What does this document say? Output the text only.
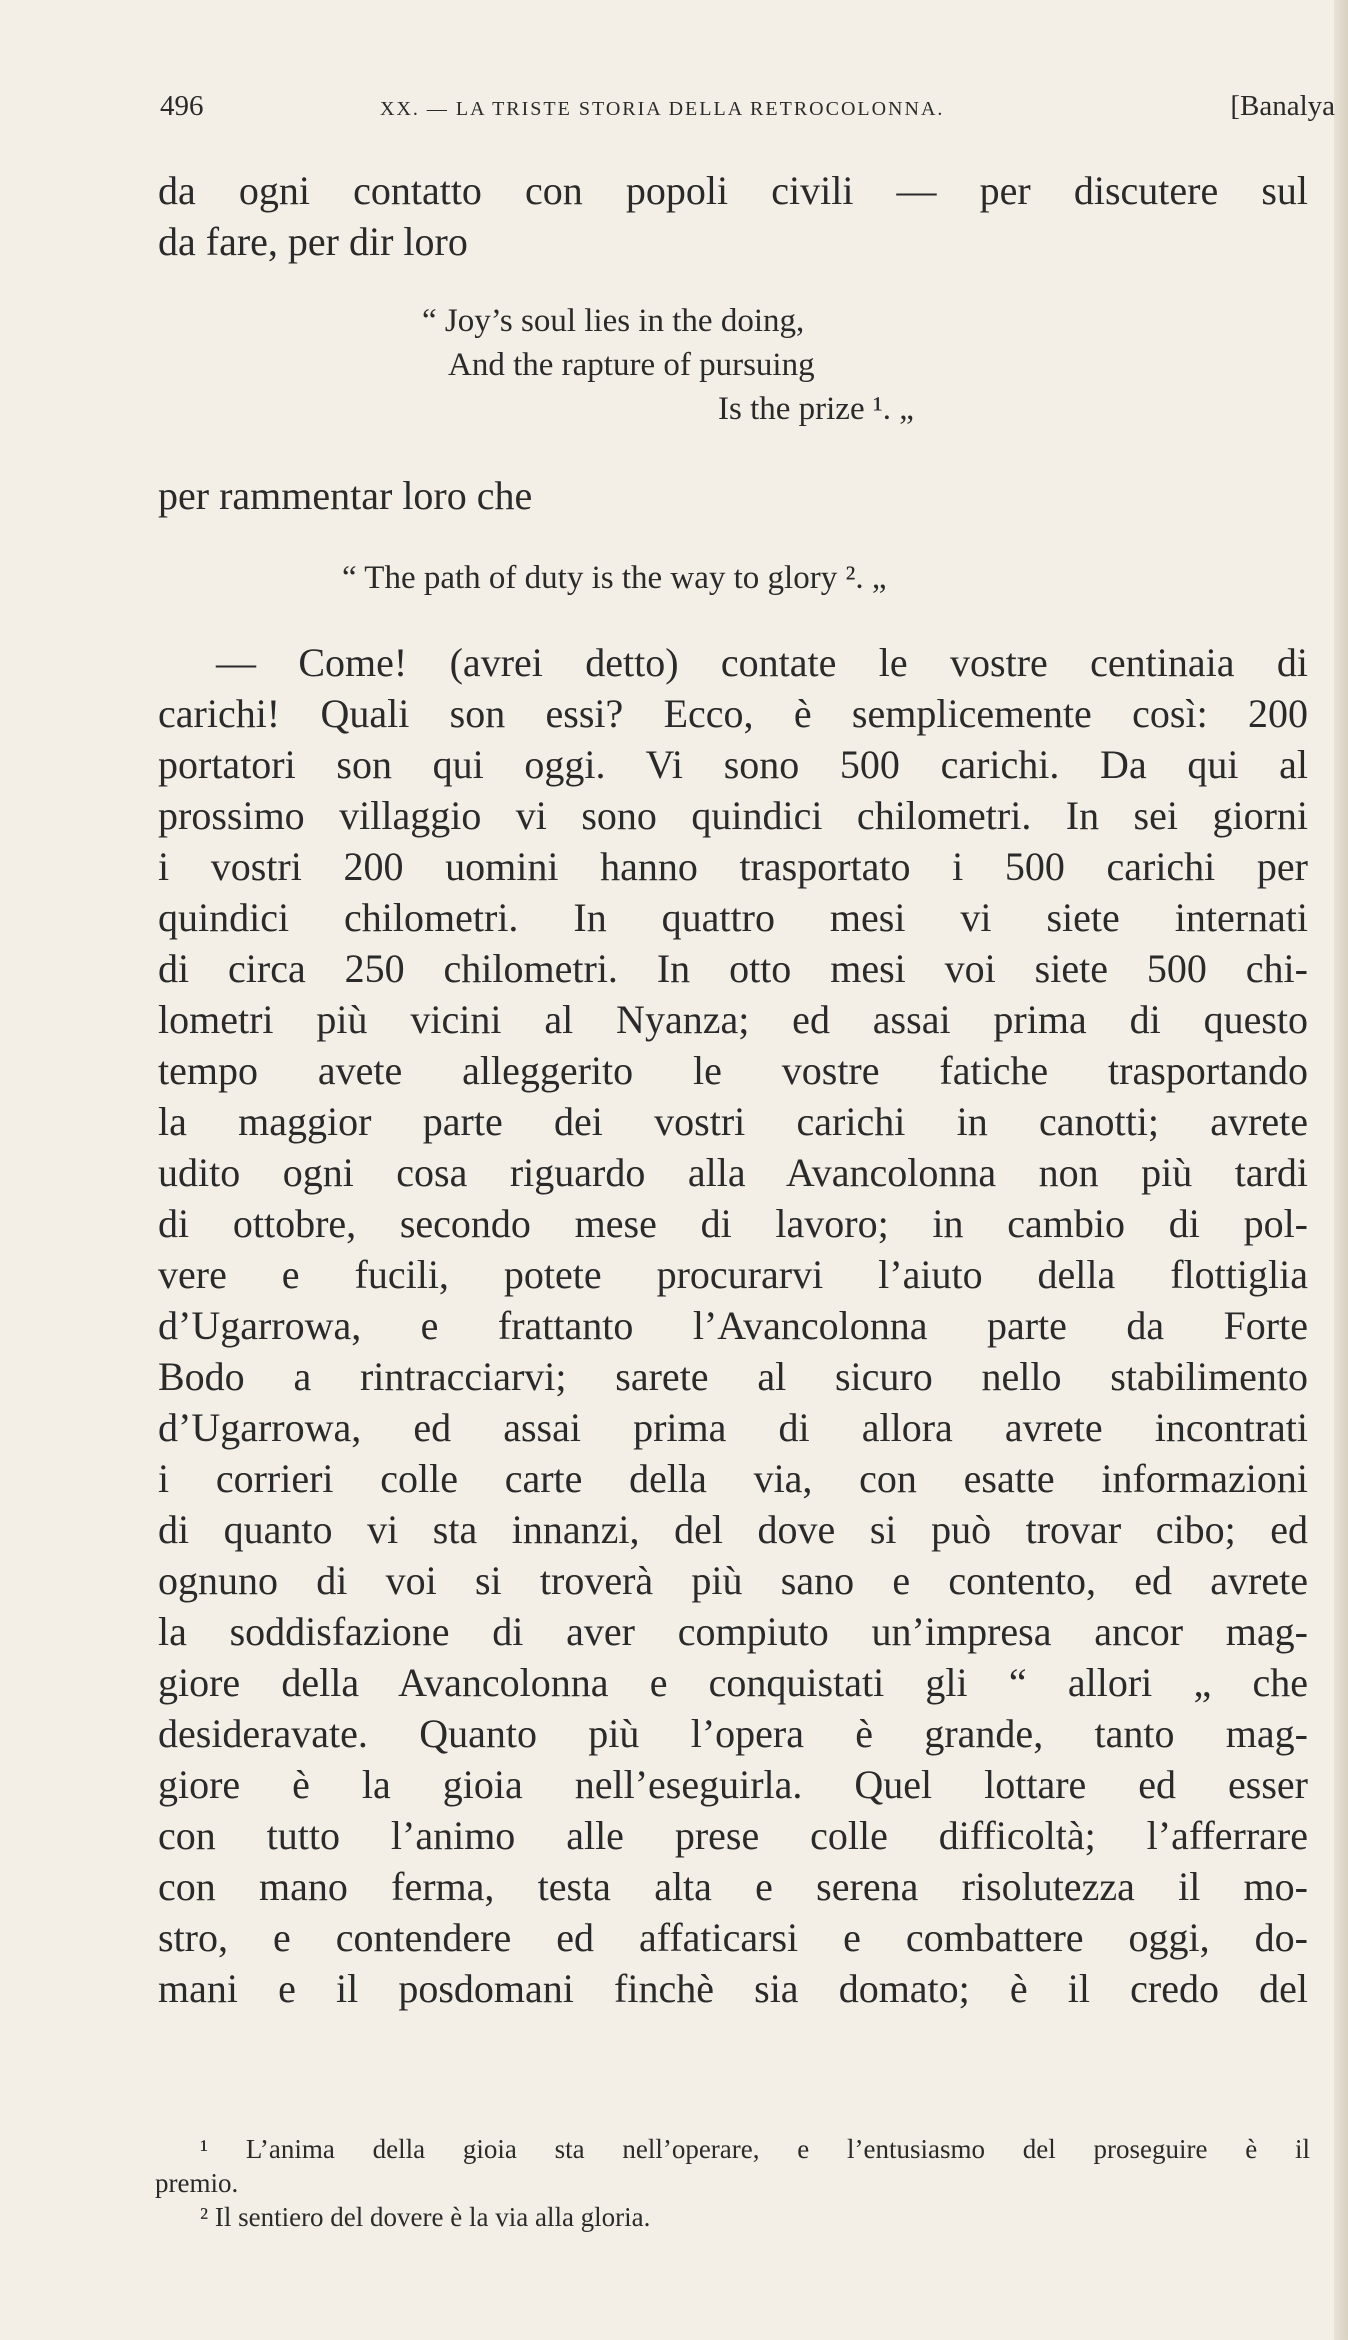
496	XX. — LA TRISTE STORIA DELLA RETROCOLONNA.	[Banalya
da ogni contatto con popoli civili — per discutere sul
da fare, per dir loro
“ Joy’s soul lies in the doing,
And the rapture of pursuing
Is the prize ¹. „
per rammentar loro che
“ The path of duty is the way to glory ². „
— Come! (avrei detto) contate le vostre centinaia di
carichi! Quali son essi? Ecco, è semplicemente così: 200
portatori son qui oggi. Vi sono 500 carichi. Da qui al
prossimo villaggio vi sono quindici chilometri. In sei giorni
i vostri 200 uomini hanno trasportato i 500 carichi per
quindici chilometri. In quattro mesi vi siete internati
di circa 250 chilometri. In otto mesi voi siete 500 chi-
lometri più vicini al Nyanza; ed assai prima di questo
tempo avete alleggerito le vostre fatiche trasportando
la maggior parte dei vostri carichi in canotti; avrete
udito ogni cosa riguardo alla Avancolonna non più tardi
di ottobre, secondo mese di lavoro; in cambio di pol-
vere e fucili, potete procurarvi l’aiuto della flottiglia
d’Ugarrowa, e frattanto l’Avancolonna parte da Forte
Bodo a rintracciarvi; sarete al sicuro nello stabilimento
d’Ugarrowa, ed assai prima di allora avrete incontrati
i corrieri colle carte della via, con esatte informazioni
di quanto vi sta innanzi, del dove si può trovar cibo; ed
ognuno di voi si troverà più sano e contento, ed avrete
la soddisfazione di aver compiuto un’impresa ancor mag-
giore della Avancolonna e conquistati gli “ allori „ che
desideravate. Quanto più l’opera è grande, tanto mag-
giore è la gioia nell’eseguirla. Quel lottare ed esser
con tutto l’animo alle prese colle difficoltà; l’afferrare
con mano ferma, testa alta e serena risolutezza il mo-
stro, e contendere ed affaticarsi e combattere oggi, do-
mani e il posdomani finchè sia domato; è il credo del
¹ L’anima della gioia sta nell’operare, e l’entusiasmo del proseguire è il
premio.
² Il sentiero del dovere è la via alla gloria.
